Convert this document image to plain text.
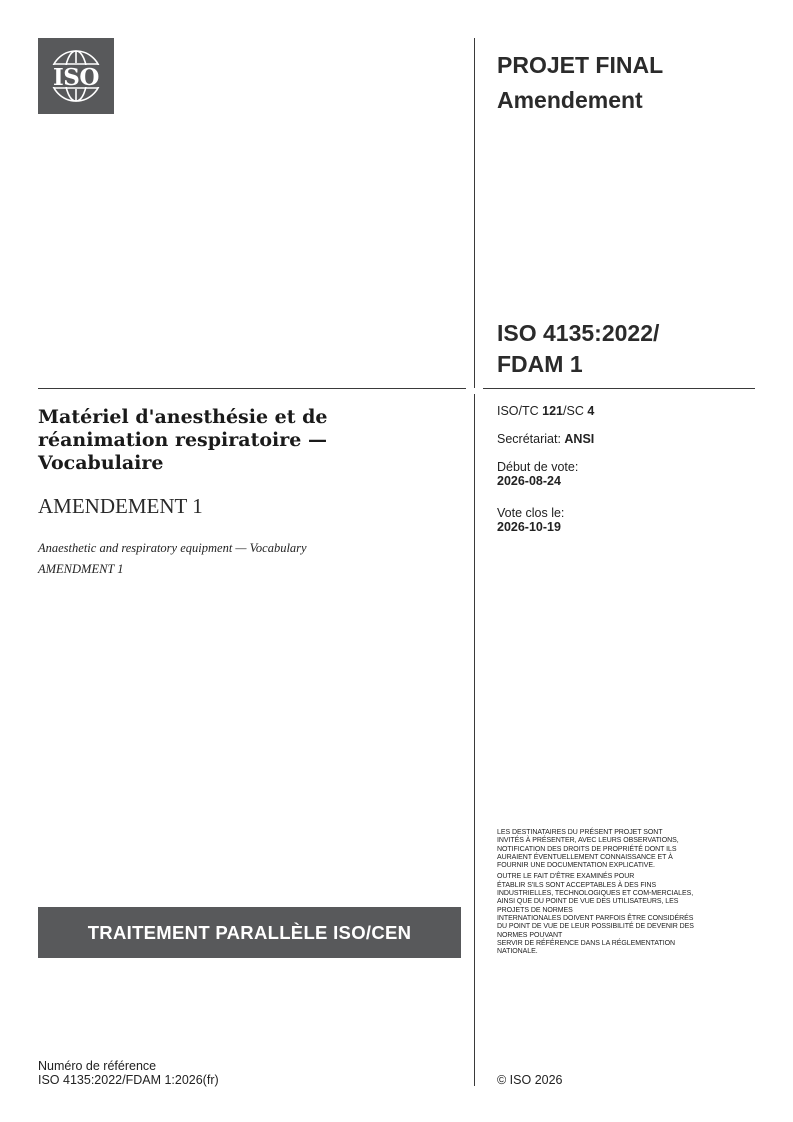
ISO	PROJET FINAL
Amendement
ISO 4135:2022/
FDAM 1
ISO/TC 121/SC 4
Secrétariat: ANSI
Début de vote:
2026-08-24
Vote clos le:
2026-10-19
Matériel d'anesthésie et de réanimation respiratoire — Vocabulaire
AMENDEMENT 1
Anaesthetic and respiratory equipment — Vocabulary
AMENDMENT 1
TRAITEMENT PARALLÈLE ISO/CEN

LES DESTINATAIRES DU PRÉSENT PROJET SONT
INVITÉS À PRÉSENTER, AVEC LEURS OBSERVATIONS,
NOTIFICATION DES DROITS DE PROPRIÉTÉ DONT ILS
AURAIENT ÉVENTUELLEMENT CONNAISSANCE ET À
FOURNIR UNE DOCUMENTATION EXPLICATIVE.

OUTRE LE FAIT D'ÊTRE EXAMINÉS POUR
ÉTABLIR S'ILS SONT ACCEPTABLES À DES FINS
INDUSTRIELLES, TECHNOLOGIQUES ET COM-MERCIALES,
AINSI QUE DU POINT DE VUE DES UTILISATEURS, LES
PROJETS DE NORMES
INTERNATIONALES DOIVENT PARFOIS ÊTRE CONSIDÉRÉS
DU POINT DE VUE DE LEUR POSSIBILITÉ DE DEVENIR DES
NORMES POUVANT
SERVIR DE RÉFÉRENCE DANS LA RÉGLEMENTATION
NATIONALE.

Numéro de référence
ISO 4135:2022/FDAM 1:2026(fr)	© ISO 2026
